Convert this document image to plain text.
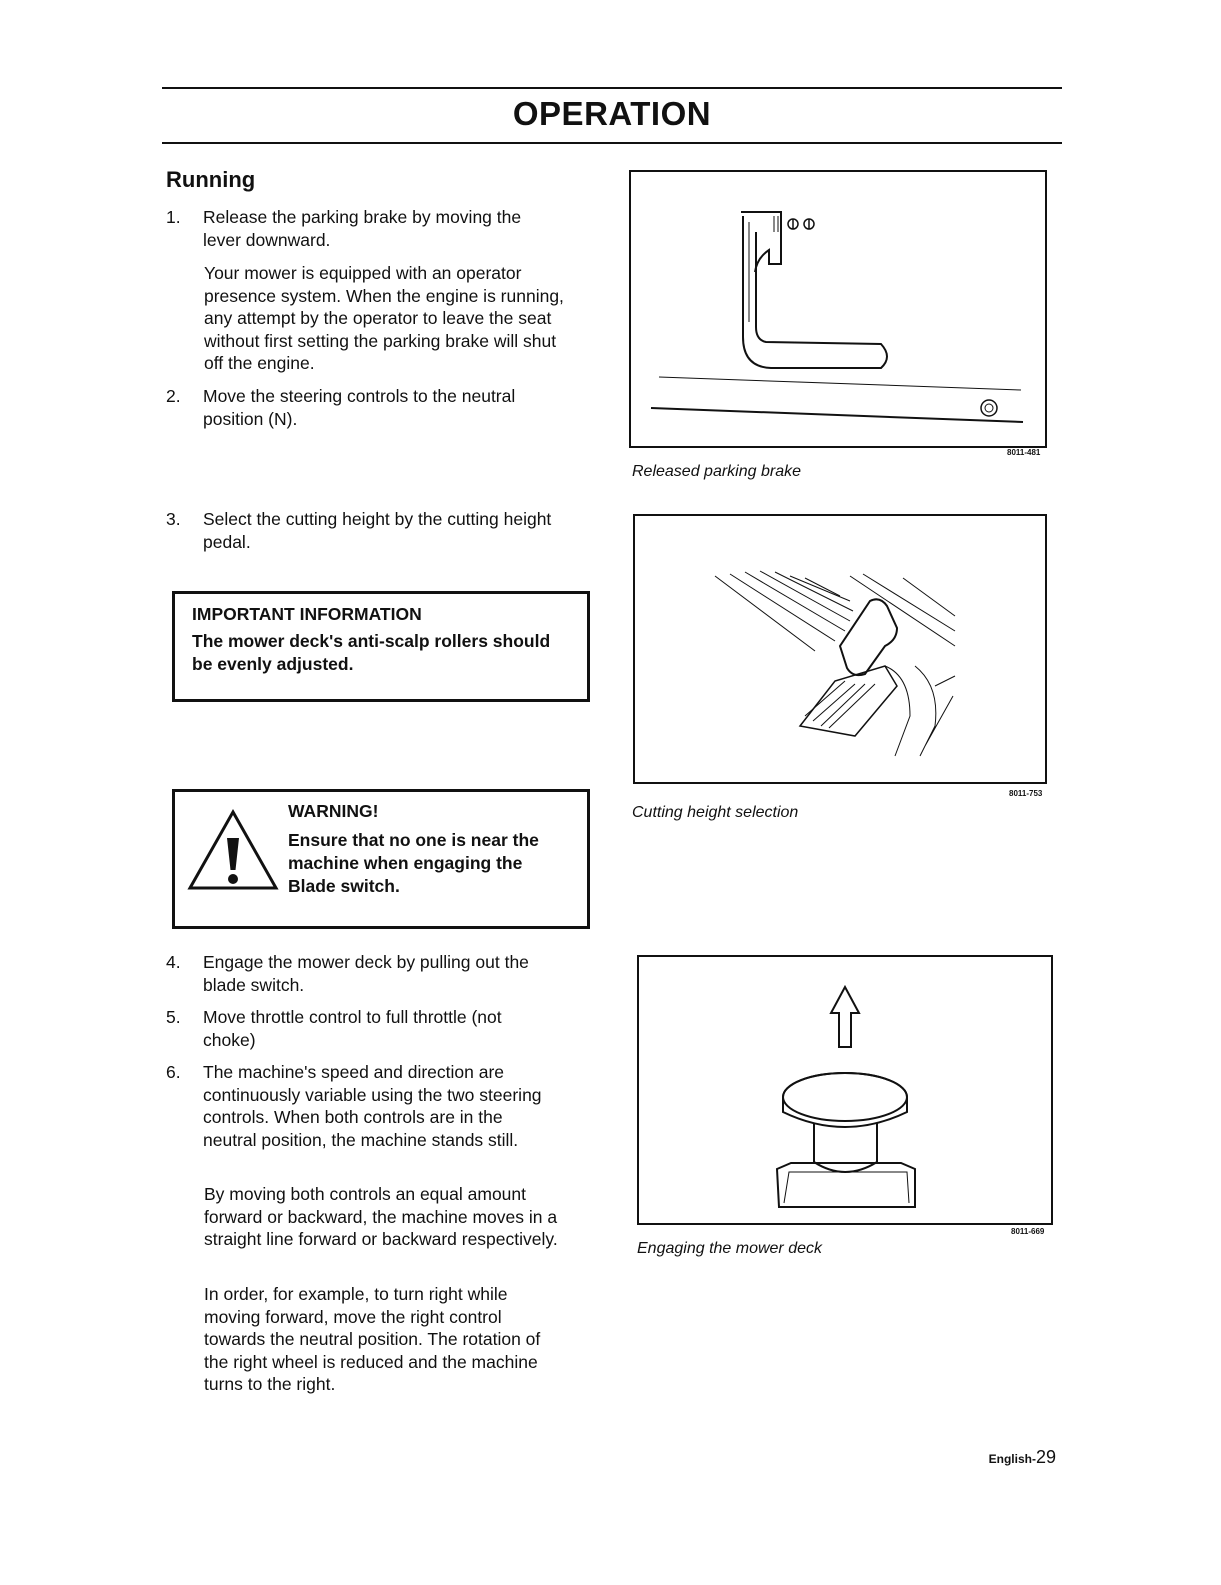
OPERATION
Running
1. Release the parking brake by moving the lever downward.
Your mower is equipped with an operator presence system. When the engine is running, any attempt by the operator to leave the seat without first setting the parking brake will shut off the engine.
2. Move the steering controls to the neutral position (N).
3. Select the cutting height by the cutting height pedal.
IMPORTANT INFORMATION
The mower deck's anti-scalp rollers should be evenly adjusted.
WARNING!
Ensure that no one is near the machine when engaging the Blade switch.
4. Engage the mower deck by pulling out the blade switch.
5. Move throttle control to full throttle (not choke)
6. The machine's speed and direction are continuously variable using the two steering controls. When both controls are in the neutral position, the machine stands still.
By moving both controls an equal amount forward or backward, the machine moves in a straight line forward or backward respectively.
In order, for example, to turn right while moving forward, move the right control towards the neutral position. The rotation of the right wheel is reduced and the machine turns to the right.
8011-481
Released parking brake
8011-753
Cutting height selection
8011-669
Engaging the mower deck
English-29
